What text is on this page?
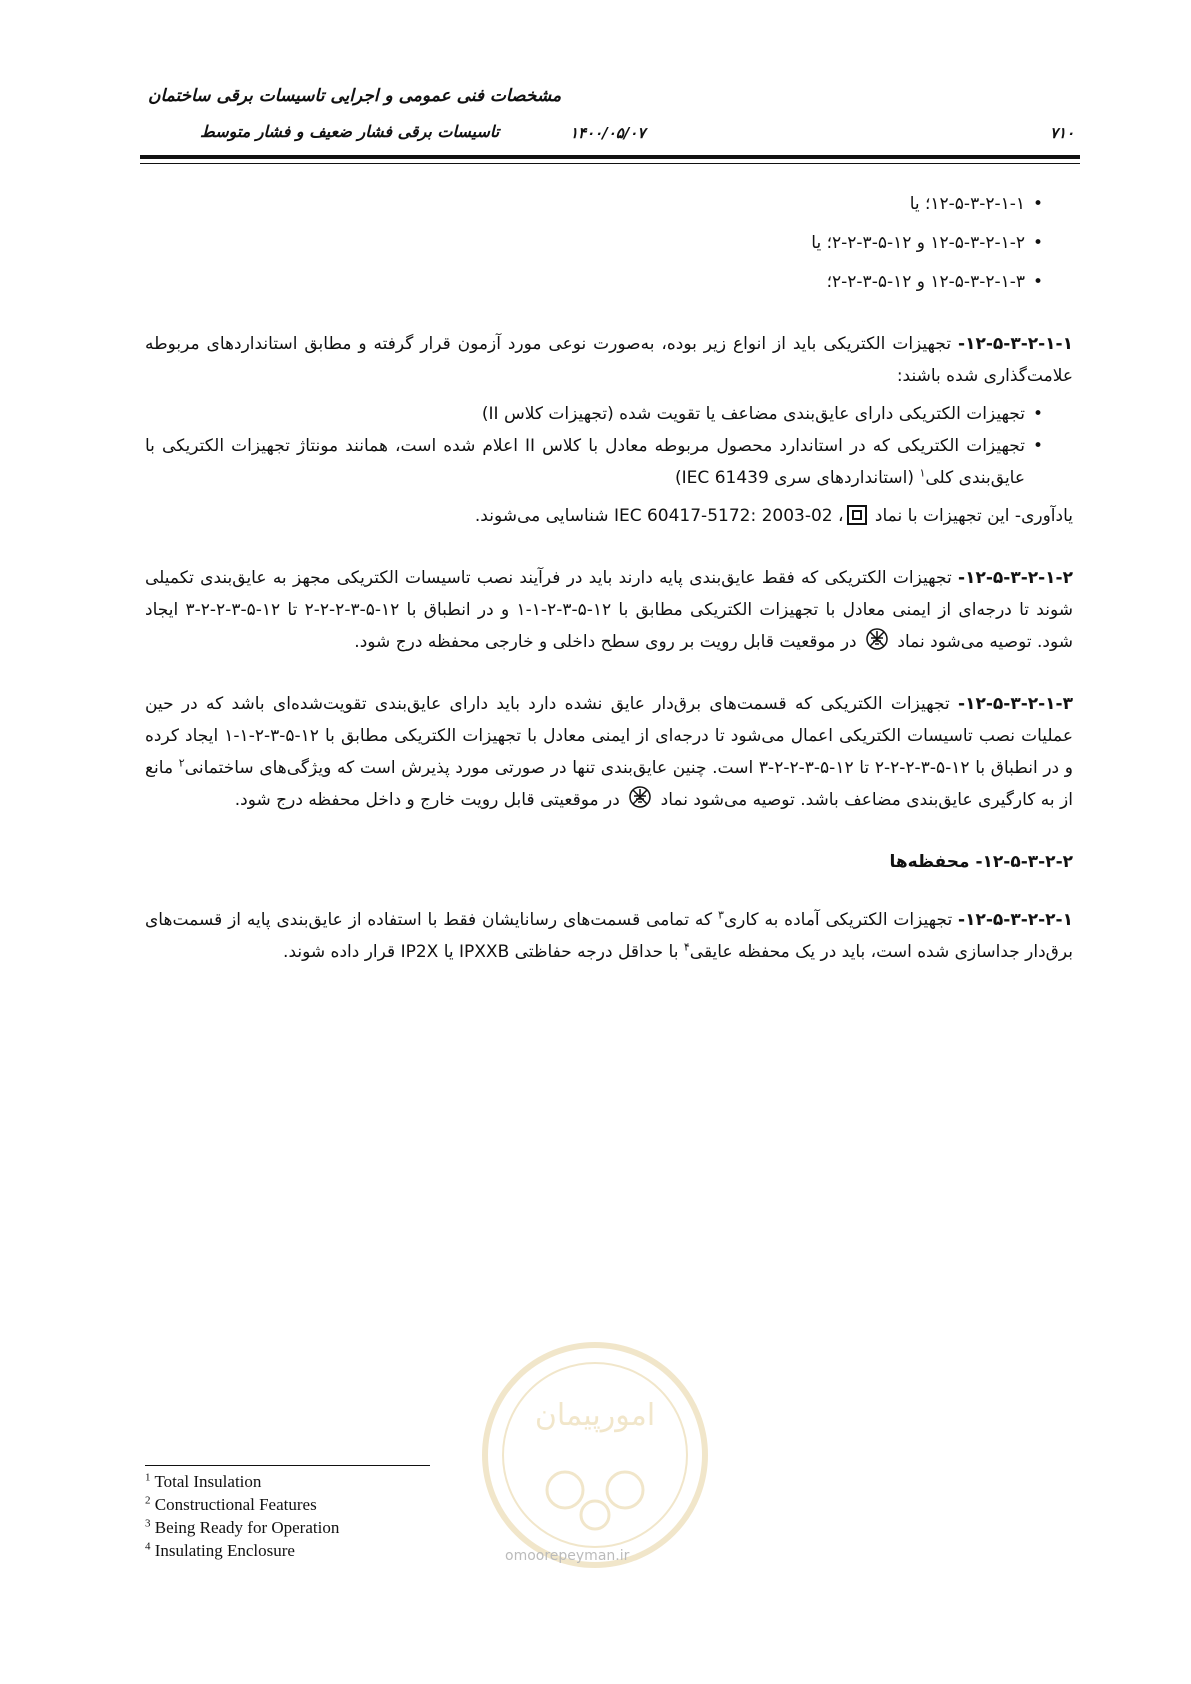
مشخصات فنی عمومی و اجرایی تاسیسات برقی ساختمان
تاسیسات برقی فشار ضعیف و فشار متوسط	۱۴۰۰/۰۵/۰۷	۷۱۰
• ۱۲-۵-۳-۲-۱-۱؛ یا
• ۱۲-۵-۳-۲-۱-۲ و ۱۲-۵-۳-۲-۲؛ یا
• ۱۲-۵-۳-۲-۱-۳ و ۱۲-۵-۳-۲-۲؛

۱۲-۵-۳-۲-۱-۱- تجهیزات الکتریکی باید از انواع زیر بوده، به‌صورت نوعی مورد آزمون قرار گرفته و مطابق استانداردهای مربوطه علامت‌گذاری شده باشند:

• تجهیزات الکتریکی دارای عایق‌بندی مضاعف یا تقویت شده (تجهیزات کلاس II)
• تجهیزات الکتریکی که در استاندارد محصول مربوطه معادل با کلاس II اعلام شده است، همانند مونتاژ تجهیزات الکتریکی با عایق‌بندی کلی$^۱$ (استانداردهای سری IEC 61439)

یادآوری- این تجهیزات با نماد ، IEC 60417-5172: 2003-02 شناسایی می‌شوند.

۱۲-۵-۳-۲-۱-۲- تجهیزات الکتریکی که فقط عایق‌بندی پایه دارند باید در فرآیند نصب تاسیسات الکتریکی مجهز به عایق‌بندی تکمیلی شوند تا درجه‌ای از ایمنی معادل با تجهیزات الکتریکی مطابق با ۱۲-۵-۳-۲-۱-۱ و در انطباق با ۱۲-۵-۳-۲-۲-۲ تا ۱۲-۵-۳-۲-۲-۳ ایجاد شود. توصیه می‌شود نماد  در موقعیت قابل رویت بر روی سطح داخلی و خارجی محفظه درج شود.

۱۲-۵-۳-۲-۱-۳- تجهیزات الکتریکی که قسمت‌های برق‌دار عایق نشده دارد باید دارای عایق‌بندی تقویت‌شده‌ای باشد که در حین عملیات نصب تاسیسات الکتریکی اعمال می‌شود تا درجه‌ای از ایمنی معادل با تجهیزات الکتریکی مطابق با ۱۲-۵-۳-۲-۱-۱ ایجاد کرده و در انطباق با ۱۲-۵-۳-۲-۲-۲ تا ۱۲-۵-۳-۲-۲-۳ است. چنین عایق‌بندی تنها در صورتی مورد پذیرش است که ویژگی‌های ساختمانی$^۲$ مانع از به کارگیری عایق‌بندی مضاعف باشد. توصیه می‌شود نماد  در موقعیتی قابل رویت خارج و داخل محفظه درج شود.

۱۲-۵-۳-۲-۲- محفظه‌ها

۱۲-۵-۳-۲-۲-۱- تجهیزات الکتریکی آماده به کاری$^۳$ که تمامی قسمت‌های رسانایشان فقط با استفاده از عایق‌بندی پایه از قسمت‌های برق‌دار جداسازی شده است، باید در یک محفظه عایقی$^۴$ با حداقل درجه حفاظتی IPXXB یا IP2X قرار داده شوند.

امورپیمان
omoorepeyman.ir
$^1$ Total Insulation
$^2$ Constructional Features
$^3$ Being Ready for Operation
$^4$ Insulating Enclosure
